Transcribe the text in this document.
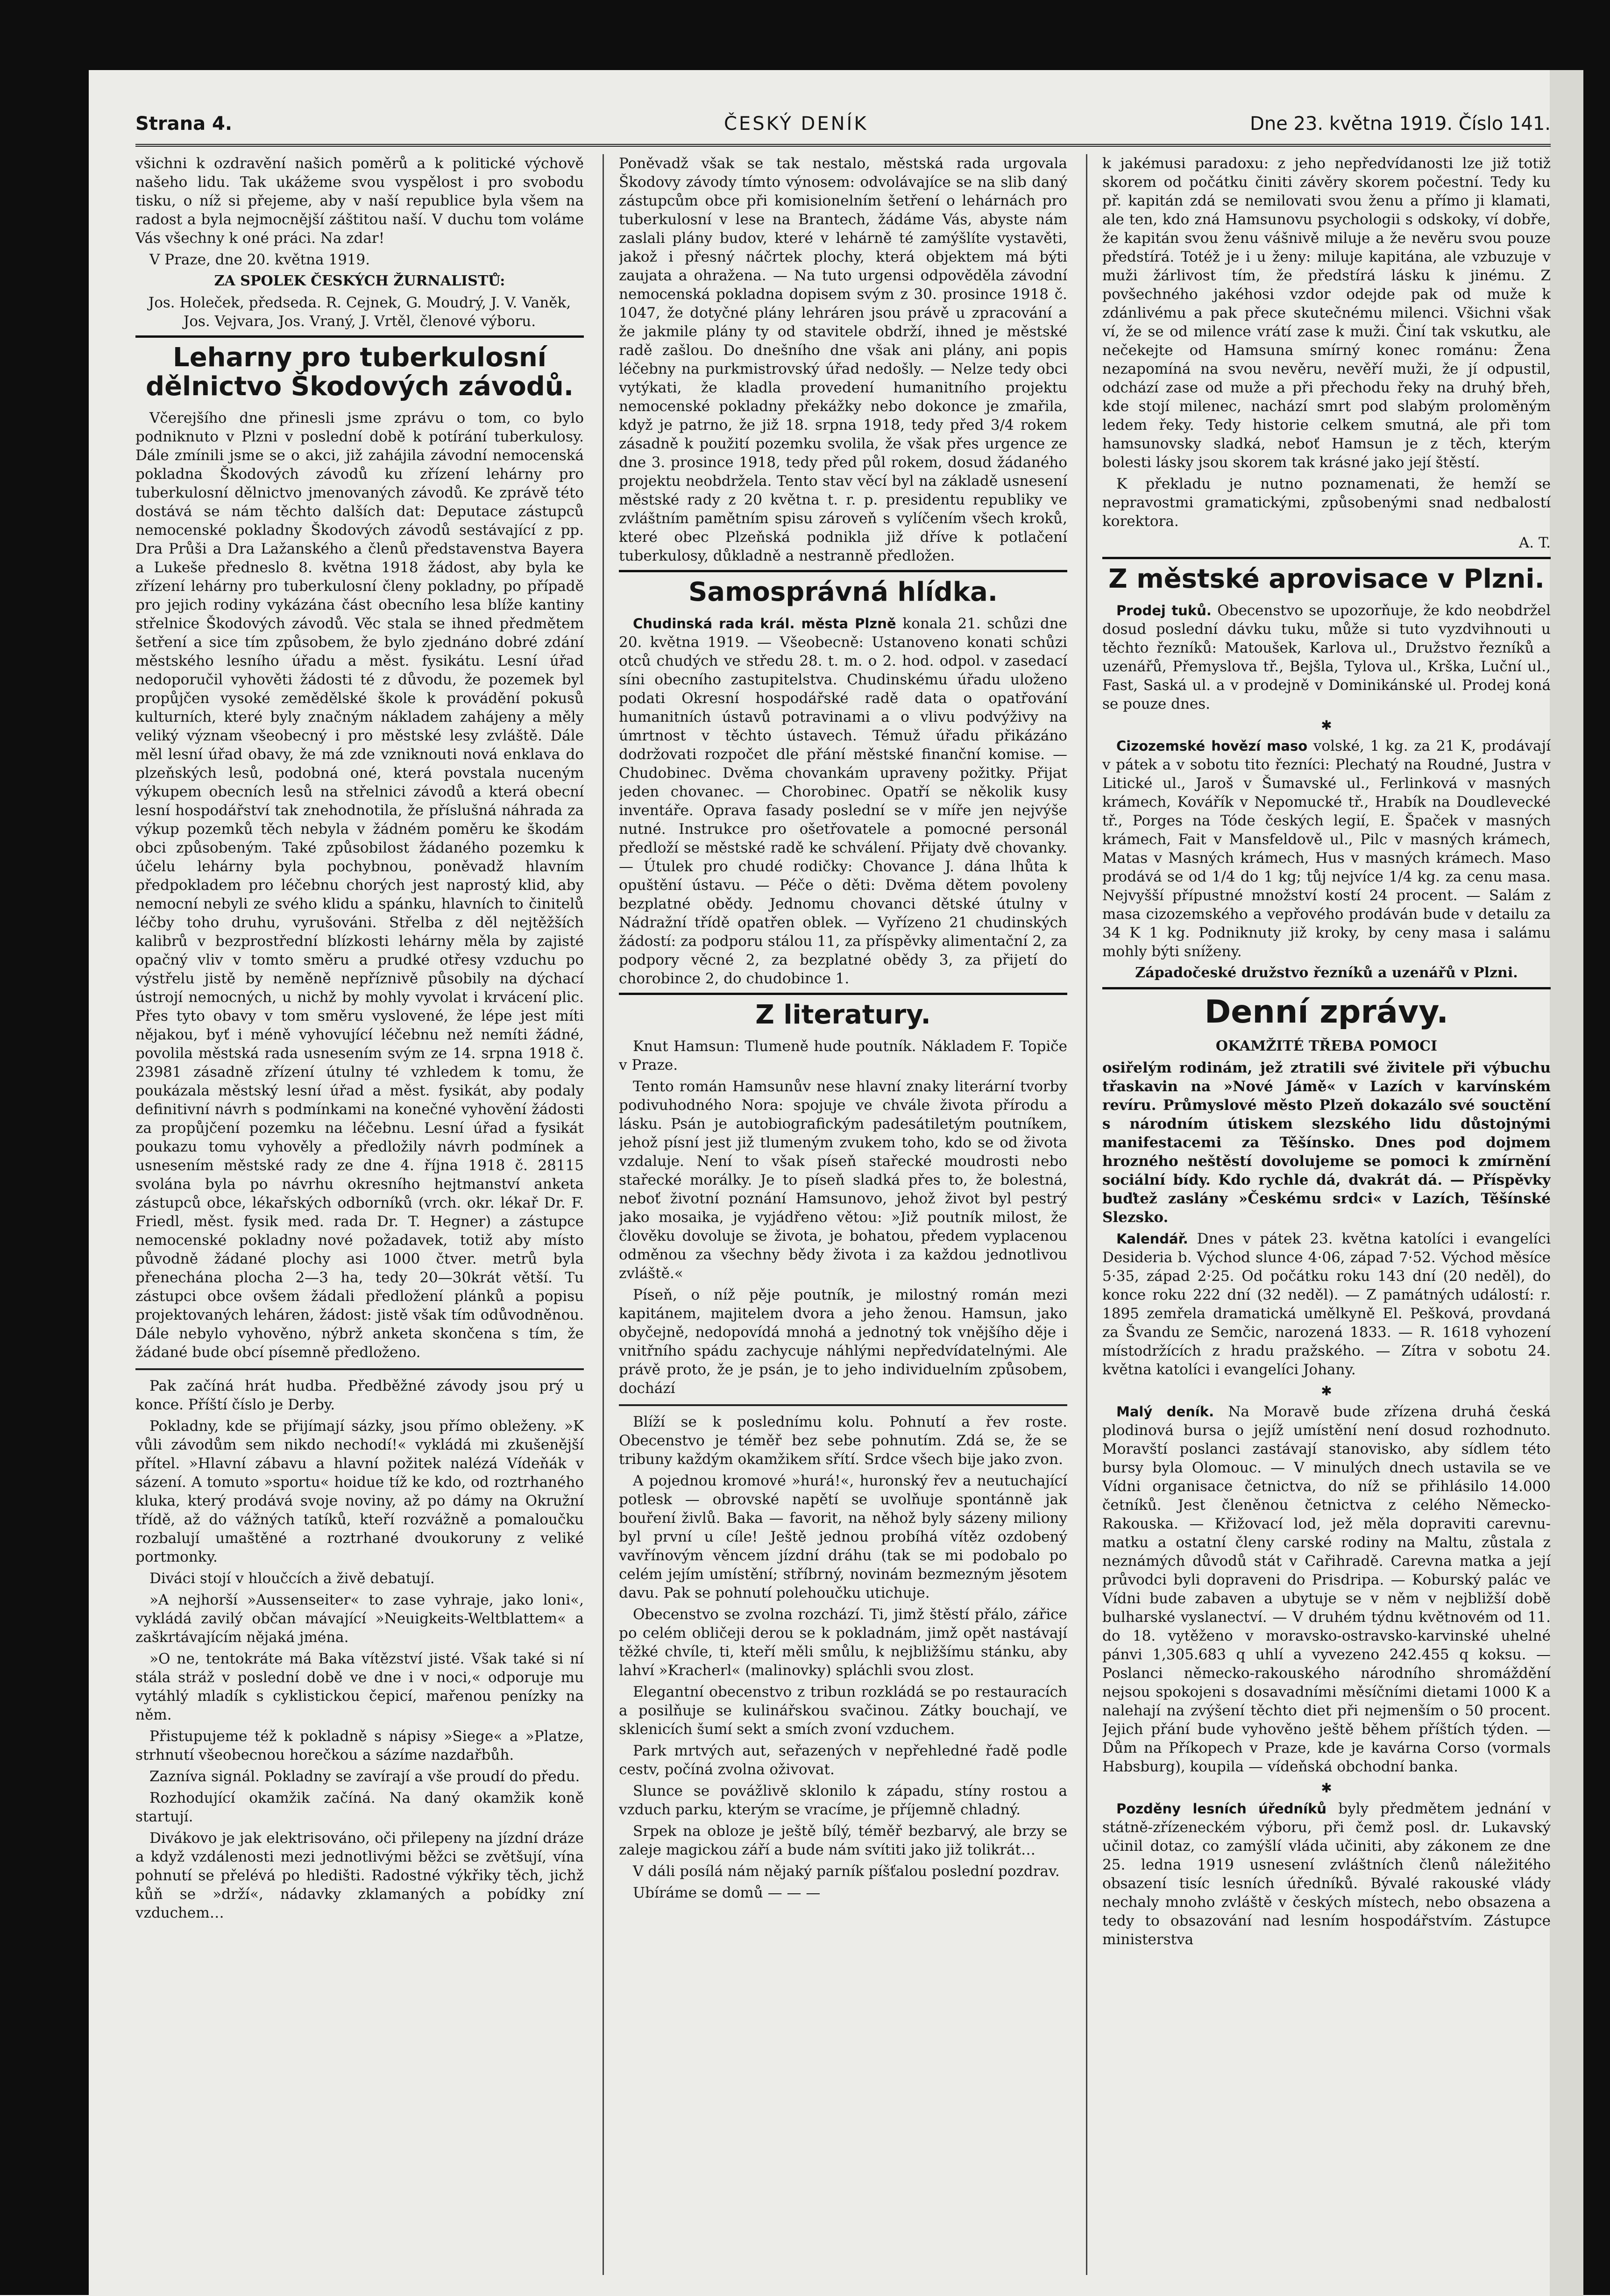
Strana 4.	ČESKÝ DENÍK	Dne 23. května 1919. Číslo 141.

všichni k ozdravění našich poměrů a k politické výchově našeho lidu. Tak ukážeme svou vyspělost i pro svobodu tisku, o níž si přejeme, aby v naší republice byla všem na radost a byla nejmocnější záštitou naší. V duchu tom voláme Vás všechny k oné práci. Na zdar!

V Praze, dne 20. května 1919.

ZA SPOLEK ČESKÝCH ŽURNALISTŮ:

Jos. Holeček, předseda. R. Cejnek, G. Moudrý, J. V. Vaněk, Jos. Vejvara, Jos. Vraný, J. Vrtěl, členové výboru.

Leharny pro tuberkulosní dělnictvo Škodových závodů.

Včerejšího dne přinesli jsme zprávu o tom, co bylo podniknuto v Plzni v poslední době k potírání tuberkulosy. Dále zmínili jsme se o akci, již zahájila závodní nemocenská pokladna Škodových závodů ku zřízení lehárny pro tuberkulosní dělnictvo jmenovaných závodů. Ke zprávě této dostává se nám těchto dalších dat: Deputace zástupců nemocenské pokladny Škodových závodů sestávající z pp. Dra Průši a Dra Lažanského a členů představenstva Bayera a Lukeše předneslo 8. května 1918 žádost, aby byla ke zřízení lehárny pro tuberkulosní členy pokladny, po případě pro jejich rodiny vykázána část obecního lesa blíže kantiny střelnice Škodových závodů. Věc stala se ihned předmětem šetření a sice tím způsobem, že bylo zjednáno dobré zdání městského lesního úřadu a měst. fysikátu. Lesní úřad nedoporučil vyhověti žádosti té z důvodu, že pozemek byl propůjčen vysoké zemědělské škole k provádění pokusů kulturních, které byly značným nákladem zahájeny a měly veliký význam všeobecný i pro městské lesy zvláště. Dále měl lesní úřad obavy, že má zde vzniknouti nová enklava do plzeňských lesů, podobná oné, která povstala nuceným výkupem obecních lesů na střelnici závodů a která obecní lesní hospodářství tak znehodnotila, že příslušná náhrada za výkup pozemků těch nebyla v žádném poměru ke škodám obci způsobeným. Také způsobilost žádaného pozemku k účelu lehárny byla pochybnou, poněvadž hlavním předpokladem pro léčebnu chorých jest naprostý klid, aby nemocní nebyli ze svého klidu a spánku, hlavních to činitelů léčby toho druhu, vyrušováni. Střelba z děl nejtěžších kalibrů v bezprostřední blízkosti lehárny měla by zajisté opačný vliv v tomto směru a prudké otřesy vzduchu po výstřelu jistě by neměně nepříznivě působily na dýchací ústrojí nemocných, u nichž by mohly vyvolat i krvácení plic. Přes tyto obavy v tom směru vyslovené, že lépe jest míti nějakou, byť i méně vyhovující léčebnu než nemíti žádné, povolila městská rada usnesením svým ze 14. srpna 1918 č. 23981 zásadně zřízení útulny té vzhledem k tomu, že poukázala městský lesní úřad a měst. fysikát, aby podaly definitivní návrh s podmínkami na konečné vyhovění žádosti za propůjčení pozemku na léčebnu. Lesní úřad a fysikát poukazu tomu vyhověly a předložily návrh podmínek a usnesením městské rady ze dne 4. října 1918 č. 28115 svolána byla po návrhu okresního hejtmanství anketa zástupců obce, lékařských odborníků (vrch. okr. lékař Dr. F. Friedl, měst. fysik med. rada Dr. T. Hegner) a zástupce nemocenské pokladny nové požadavek, totiž aby místo původně žádané plochy asi 1000 čtver. metrů byla přenechána plocha 2—3 ha, tedy 20—30krát větší. Tu zástupci obce ovšem žádali předložení plánků a popisu projektovaných leháren, žádost: jistě však tím odůvodněnou. Dále nebylo vyhověno, nýbrž anketa skončena s tím, že žádané bude obcí písemně předloženo.

Pak začíná hrát hudba. Předběžné závody jsou prý u konce. Příští číslo je Derby.

Pokladny, kde se přijímají sázky, jsou přímo obleženy. »K vůli závodům sem nikdo nechodí!« vykládá mi zkušenější přítel. »Hlavní zábavu a hlavní požitek nalézá Vídeňák v sázení. A tomuto »sportu« hoidue tíž ke kdo, od roztrhaného kluka, který prodává svoje noviny, až po dámy na Okružní třídě, až do vážných tatíků, kteří rozvážně a pomaloučku rozbalují umaštěné a roztrhané dvoukoruny z veliké portmonky.

Diváci stojí v hloučcích a živě debatují.

»A nejhorší »Aussenseiter« to zase vyhraje, jako loni«, vykládá zavilý občan mávající »Neuigkeits-Weltblattem« a zaškrtávajícím nějaká jména.

»O ne, tentokráte má Baka vítězství jisté. Však také si ní stála stráž v poslední době ve dne i v noci,« odporuje mu vytáhlý mladík s cyklistickou čepicí, mařenou penízky na něm.

Přistupujeme též k pokladně s nápisy »Siege« a »Platze, strhnutí všeobecnou horečkou a sázíme nazdařbůh.

Zazníva signál. Pokladny se zavírají a vše proudí do předu.

Rozhodující okamžik začíná. Na daný okamžik koně startují.

Divákovo je jak elektrisováno, oči přilepeny na jízdní dráze a když vzdálenosti mezi jednotlivými běžci se zvětšují, vína pohnutí se přelévá po hledišti. Radostné výkřiky těch, jichž kůň se »drží«, nádavky zklamaných a pobídky zní vzduchem…

Poněvadž však se tak nestalo, městská rada urgovala Škodovy závody tímto výnosem: odvolávajíce se na slib daný zástupcům obce při komisionelním šetření o lehárnách pro tuberkulosní v lese na Brantech, žádáme Vás, abyste nám zaslali plány budov, které v lehárně té zamýšlíte vystavěti, jakož i přesný náčrtek plochy, která objektem má býti zaujata a ohražena. — Na tuto urgensi odpověděla závodní nemocenská pokladna dopisem svým z 30. prosince 1918 č. 1047, že dotyčné plány lehráren jsou právě u zpracování a že jakmile plány ty od stavitele obdrží, ihned je městské radě zašlou. Do dnešního dne však ani plány, ani popis léčebny na purkmistrovský úřad nedošly. — Nelze tedy obci vytýkati, že kladla provedení humanitního projektu nemocenské pokladny překážky nebo dokonce je zmařila, když je patrno, že již 18. srpna 1918, tedy před 3/4 rokem zásadně k použití pozemku svolila, že však přes urgence ze dne 3. prosince 1918, tedy před půl rokem, dosud žádaného projektu neobdržela. Tento stav věcí byl na základě usnesení městské rady z 20 května t. r. p. presidentu republiky ve zvláštním pamětním spisu zároveň s vylíčením všech kroků, které obec Plzeňská podnikla již dříve k potlačení tuberkulosy, důkladně a nestranně předložen.

Samosprávná hlídka.

Chudinská rada král. města Plzně konala 21. schůzi dne 20. května 1919. — Všeobecně: Ustanoveno konati schůzi otců chudých ve středu 28. t. m. o 2. hod. odpol. v zasedací síni obecního zastupitelstva. Chudinskému úřadu uloženo podati Okresní hospodářské radě data o opatřování humanitních ústavů potravinami a o vlivu podvýživy na úmrtnost v těchto ústavech. Témuž úřadu přikázáno dodržovati rozpočet dle přání městské finanční komise. — Chudobinec. Dvěma chovankám upraveny požitky. Přijat jeden chovanec. — Chorobinec. Opatří se několik kusy inventáře. Oprava fasady poslední se v míře jen nejvýše nutné. Instrukce pro ošetřovatele a pomocné personál předloží se městské radě ke schválení. Přijaty dvě chovanky. — Útulek pro chudé rodičky: Chovance J. dána lhůta k opuštění ústavu. — Péče o děti: Dvěma dětem povoleny bezplatné obědy. Jednomu chovanci dětské útulny v Nádražní třídě opatřen oblek. — Vyřízeno 21 chudinských žádostí: za podporu stálou 11, za příspěvky alimentační 2, za podpory věcné 2, za bezplatné obědy 3, za přijetí do chorobince 2, do chudobince 1.

Z literatury.

Knut Hamsun: Tlumeně hude poutník. Nákladem F. Topiče v Praze.

Tento román Hamsunův nese hlavní znaky literární tvorby podivuhodného Nora: spojuje ve chvále života přírodu a lásku. Psán je autobiografickým padesátiletým poutníkem, jehož písní jest již tlumeným zvukem toho, kdo se od života vzdaluje. Není to však píseň stařecké moudrosti nebo stařecké morálky. Je to píseň sladká přes to, že bolestná, neboť životní poznání Hamsunovo, jehož život byl pestrý jako mosaika, je vyjádřeno větou: »Již poutník milost, že člověku dovoluje se života, je bohatou, předem vyplacenou odměnou za všechny bědy života i za každou jednotlivou zvláště.«

Píseň, o níž pěje poutník, je milostný román mezi kapitánem, majitelem dvora a jeho ženou. Hamsun, jako obyčejně, nedopovídá mnohá a jednotný tok vnějšího děje i vnitřního spádu zachycuje náhlými nepředvídatelnými. Ale právě proto, že je psán, je to jeho individuelním způsobem, dochází

Blíží se k poslednímu kolu. Pohnutí a řev roste. Obecenstvo je téměř bez sebe pohnutím. Zdá se, že se tribuny každým okamžikem sřítí. Srdce všech bije jako zvon.

A pojednou kromové »hurá!«, huronský řev a neutuchající potlesk — obrovské napětí se uvolňuje spontánně jak bouření živlů. Baka — favorit, na něhož byly sázeny miliony byl první u cíle! Ještě jednou probíhá vítěz ozdobený vavřínovým věncem jízdní dráhu (tak se mi podobalo po celém jejím umístění; stříbrný, novinám bezmezným jěsotem davu. Pak se pohnutí polehoučku utichuje.

Obecenstvo se zvolna rozchází. Ti, jimž štěstí přálo, zářice po celém obličeji derou se k pokladnám, jimž opět nastávají těžké chvíle, ti, kteří měli smůlu, k nejbližšímu stánku, aby lahví »Kracherl« (malinovky) spláchli svou zlost.

Elegantní obecenstvo z tribun rozkládá se po restauracích a posilňuje se kulinářskou svačinou. Zátky bouchají, ve sklenicích šumí sekt a smích zvoní vzduchem.

Park mrtvých aut, seřazených v nepřehledné řadě podle cestv, počíná zvolna oživovat.

Slunce se povážlivě sklonilo k západu, stíny rostou a vzduch parku, kterým se vracíme, je příjemně chladný.

Srpek na obloze je ještě bílý, téměř bezbarvý, ale brzy se zaleje magickou září a bude nám svítiti jako již tolikrát…

V dáli posílá nám nějaký parník píšťalou poslední pozdrav.

Ubíráme se domů — — —

k jakémusi paradoxu: z jeho nepředvídanosti lze již totiž skorem od počátku činiti závěry skorem počestní. Tedy ku př. kapitán zdá se nemilovati svou ženu a přímo ji klamati, ale ten, kdo zná Hamsunovu psychologii s odskoky, ví dobře, že kapitán svou ženu vášnivě miluje a že nevěru svou pouze předstírá. Totéž je i u ženy: miluje kapitána, ale vzbuzuje v muži žárlivost tím, že předstírá lásku k jinému. Z povšechného jakéhosi vzdor odejde pak od muže k zdánlivému a pak přece skutečnému milenci. Všichni však ví, že se od milence vrátí zase k muži. Činí tak vskutku, ale nečekejte od Hamsuna smírný konec románu: Žena nezapomíná na svou nevěru, nevěří muži, že jí odpustil, odchází zase od muže a při přechodu řeky na druhý břeh, kde stojí milenec, nachází smrt pod slabým proloměným ledem řeky. Tedy historie celkem smutná, ale při tom hamsunovsky sladká, neboť Hamsun je z těch, kterým bolesti lásky jsou skorem tak krásné jako její štěstí.

K překladu je nutno poznamenati, že hemží se nepravostmi gramatickými, způsobenými snad nedbalostí korektora.

A. T.

Z městské aprovisace v Plzni.

Prodej tuků. Obecenstvo se upozorňuje, že kdo neobdržel dosud poslední dávku tuku, může si tuto vyzdvihnouti u těchto řezníků: Matoušek, Karlova ul., Družstvo řezníků a uzenářů, Přemyslova tř., Bejšla, Tylova ul., Krška, Luční ul., Fast, Saská ul. a v prodejně v Dominikánské ul. Prodej koná se pouze dnes.

✱

Cizozemské hovězí maso volské, 1 kg. za 21 K, prodávají v pátek a v sobotu tito řezníci: Plechatý na Roudné, Justra v Litické ul., Jaroš v Šumavské ul., Ferlinková v masných krámech, Kovářík v Nepomucké tř., Hrabík na Doudlevecké tř., Porges na Tóde českých legií, E. Špaček v masných krámech, Fait v Mansfeldově ul., Pilc v masných krámech, Matas v Masných krámech, Hus v masných krámech. Maso prodává se od 1/4 do 1 kg; tůj nejvíce 1/4 kg. za cenu masa. Nejvyšší přípustné množství kostí 24 procent. — Salám z masa cizozemského a vepřového prodáván bude v detailu za 34 K 1 kg. Podniknuty již kroky, by ceny masa i salámu mohly býti sníženy.

Západočeské družstvo řezníků a uzenářů v Plzni.

Denní zprávy.

OKAMŽITÉ TŘEBA POMOCI

osiřelým rodinám, jež ztratili své živitele při výbuchu třaskavin na »Nové Jámě« v Lazích v karvínském revíru. Průmyslové město Plzeň dokazálo své souctění s národním útiskem slezského lidu důstojnými manifestacemi za Těšínsko. Dnes pod dojmem hrozného neštěstí dovolujeme se pomoci k zmírnění sociální bídy. Kdo rychle dá, dvakrát dá. — Příspěvky buďtež zaslány »Českému srdci« v Lazích, Těšínské Slezsko.

Kalendář. Dnes v pátek 23. května katolíci i evangelíci Desideria b. Východ slunce 4·06, západ 7·52. Východ měsíce 5·35, západ 2·25. Od počátku roku 143 dní (20 neděl), do konce roku 222 dní (32 neděl). — Z památných událostí: r. 1895 zemřela dramatická umělkyně El. Pešková, provdaná za Švandu ze Semčic, narozená 1833. — R. 1618 vyhození místodržících z hradu pražského. — Zítra v sobotu 24. května katolíci i evangelíci Johany.

✱

Malý deník. Na Moravě bude zřízena druhá česká plodinová bursa o jejíž umístění není dosud rozhodnuto. Moravští poslanci zastávají stanovisko, aby sídlem této bursy byla Olomouc. — V minulých dnech ustavila se ve Vídni organisace četnictva, do níž se přihlásilo 14.000 četníků. Jest členěnou četnictva z celého Německo-Rakouska. — Křižovací lod, jež měla dopraviti carevnu-matku a ostatní členy carské rodiny na Maltu, zůstala z neznámých důvodů stát v Cařihradě. Carevna matka a její průvodci byli dopraveni do Prisdripa. — Koburský palác ve Vídni bude zabaven a ubytuje se v něm v nejbližší době bulharské vyslanectví. — V druhém týdnu květnovém od 11. do 18. vytěženo v moravsko-ostravsko-karvinské uhelné pánvi 1,305.683 q uhlí a vyvezeno 242.455 q koksu. — Poslanci německo-rakouského národního shromáždění nejsou spokojeni s dosavadními měsíčními dietami 1000 K a nalehají na zvýšení těchto diet při nejmenším o 50 procent. Jejich přání bude vyhověno ještě během příštích týden. — Dům na Příkopech v Praze, kde je kavárna Corso (vormals Habsburg), koupila — vídeňská obchodní banka.

✱

Pozděny lesních úředníků byly předmětem jednání v státně-zřízeneckém výboru, při čemž posl. dr. Lukavský učinil dotaz, co zamýšlí vláda učiniti, aby zákonem ze dne 25. ledna 1919 usnesení zvláštních členů náležitého obsazení tisíc lesních úředníků. Bývalé rakouské vlády nechaly mnoho zvláště v českých místech, nebo obsazena a tedy to obsazování nad lesním hospodářstvím. Zástupce ministerstva
